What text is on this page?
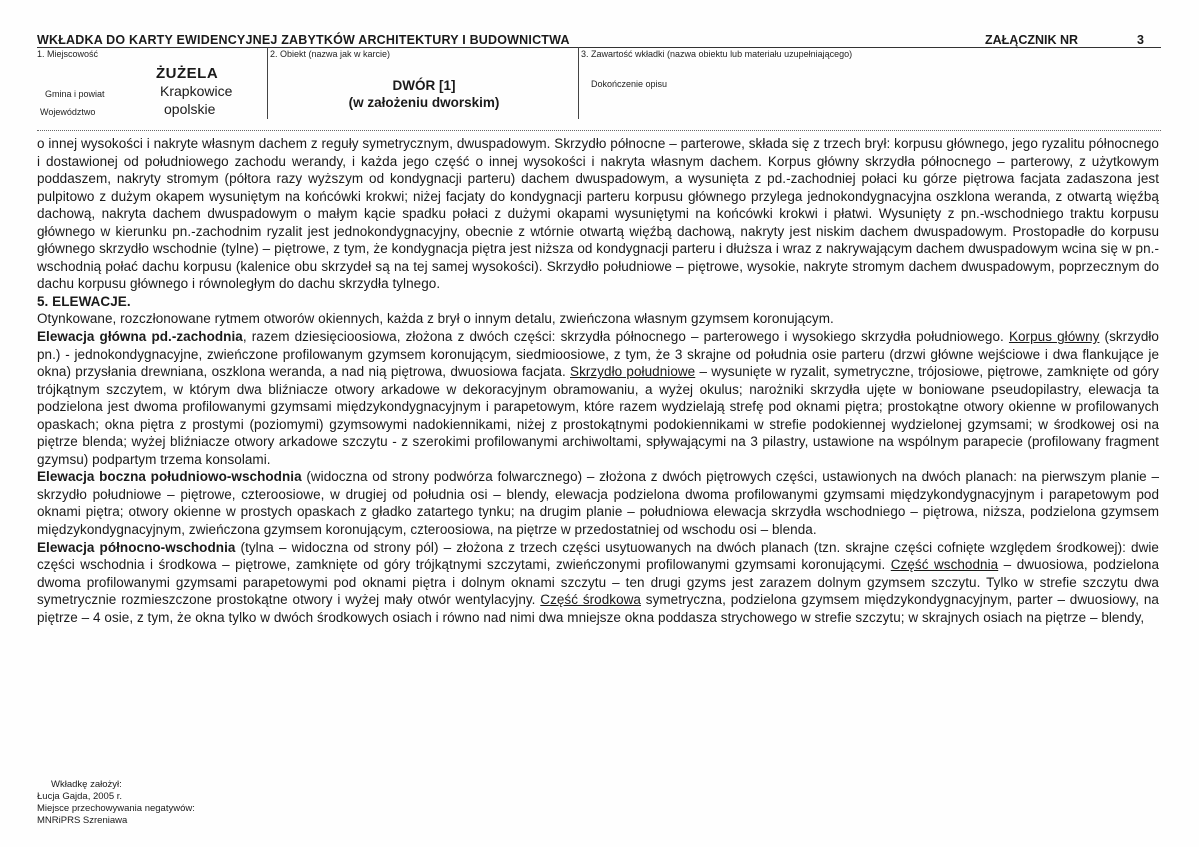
WKŁADKA DO KARTY EWIDENCYJNEJ ZABYTKÓW ARCHITEKTURY I BUDOWNICTWA	ZAŁĄCZNIK NR	3
1. Miejscowość
ŻUŻELA
Gmina i powiat	Krapkowice
Województwo	opolskie
2. Obiekt (nazwa jak w karcie)
DWÓR [1]
(w założeniu dworskim)
3. Zawartość wkładki (nazwa obiektu lub materiału uzupełniającego)
Dokończenie opisu

o innej wysokości i nakryte własnym dachem z reguły symetrycznym, dwuspadowym. Skrzydło północne – parterowe, składa się z trzech brył: korpusu głównego, jego ryzalitu północnego i dostawionej od południowego zachodu werandy, i każda jego część o innej wysokości i nakryta własnym dachem. Korpus główny skrzydła północnego – parterowy, z użytkowym poddaszem, nakryty stromym (półtora razy wyższym od kondygnacji parteru) dachem dwuspadowym, a wysunięta z pd.-zachodniej połaci ku górze piętrowa facjata zadaszona jest pulpitowo z dużym okapem wysuniętym na końcówki krokwi; niżej facjaty do kondygnacji parteru korpusu głównego przylega jednokondygnacyjna oszklona weranda, z otwartą więźbą dachową, nakryta dachem dwuspadowym o małym kącie spadku połaci z dużymi okapami wysuniętymi na końcówki krokwi i płatwi. Wysunięty z pn.-wschodniego traktu korpusu głównego w kierunku pn.-zachodnim ryzalit jest jednokondygnacyjny, obecnie z wtórnie otwartą więźbą dachową, nakryty jest niskim dachem dwuspadowym. Prostopadłe do korpusu głównego skrzydło wschodnie (tylne) – piętrowe, z tym, że kondygnacja piętra jest niższa od kondygnacji parteru i dłuższa i wraz z nakrywającym dachem dwuspadowym wcina się w pn.-wschodnią połać dachu korpusu (kalenice obu skrzydeł są na tej samej wysokości). Skrzydło południowe – piętrowe, wysokie, nakryte stromym dachem dwuspadowym, poprzecznym do dachu korpusu głównego i równoległym do dachu skrzydła tylnego.

5. ELEWACJE.

Otynkowane, rozczłonowane rytmem otworów okiennych, każda z brył o innym detalu, zwieńczona własnym gzymsem koronującym.

Elewacja główna pd.-zachodnia, razem dziesięcioosiowa, złożona z dwóch części: skrzydła północnego – parterowego i wysokiego skrzydła południowego. Korpus główny (skrzydło pn.) - jednokondygnacyjne, zwieńczone profilowanym gzymsem koronującym, siedmioosiowe, z tym, że 3 skrajne od południa osie parteru (drzwi główne wejściowe i dwa flankujące je okna) przysłania drewniana, oszklona weranda, a nad nią piętrowa, dwuosiowa facjata. Skrzydło południowe – wysunięte w ryzalit, symetryczne, trójosiowe, piętrowe, zamknięte od góry trójkątnym szczytem, w którym dwa bliźniacze otwory arkadowe w dekoracyjnym obramowaniu, a wyżej okulus; narożniki skrzydła ujęte w boniowane pseudopilastry, elewacja ta podzielona jest dwoma profilowanymi gzymsami międzykondygnacyjnym i parapetowym, które razem wydzielają strefę pod oknami piętra; prostokątne otwory okienne w profilowanych opaskach; okna piętra z prostymi (poziomymi) gzymsowymi nadokiennikami, niżej z prostokątnymi podokiennikami w strefie podokiennej wydzielonej gzymsami; w środkowej osi na piętrze blenda; wyżej bliźniacze otwory arkadowe szczytu - z szerokimi profilowanymi archiwoltami, spływającymi na 3 pilastry, ustawione na wspólnym parapecie (profilowany fragment gzymsu) podpartym trzema konsolami.

Elewacja boczna południowo-wschodnia (widoczna od strony podwórza folwarcznego) – złożona z dwóch piętrowych części, ustawionych na dwóch planach: na pierwszym planie – skrzydło południowe – piętrowe, czteroosiowe, w drugiej od południa osi – blendy, elewacja podzielona dwoma profilowanymi gzymsami międzykondygnacyjnym i parapetowym pod oknami piętra; otwory okienne w prostych opaskach z gładko zatartego tynku; na drugim planie – południowa elewacja skrzydła wschodniego – piętrowa, niższa, podzielona gzymsem międzykondygnacyjnym, zwieńczona gzymsem koronującym, czteroosiowa, na piętrze w przedostatniej od wschodu osi – blenda.

Elewacja północno-wschodnia (tylna – widoczna od strony pól) – złożona z trzech części usytuowanych na dwóch planach (tzn. skrajne części cofnięte względem środkowej): dwie części wschodnia i środkowa – piętrowe, zamknięte od góry trójkątnymi szczytami, zwieńczonymi profilowanymi gzymsami koronującymi. Część wschodnia – dwuosiowa, podzielona dwoma profilowanymi gzymsami parapetowymi pod oknami piętra i dolnym oknami szczytu – ten drugi gzyms jest zarazem dolnym gzymsem szczytu. Tylko w strefie szczytu dwa symetrycznie rozmieszczone prostokątne otwory i wyżej mały otwór wentylacyjny. Część środkowa symetryczna, podzielona gzymsem międzykondygnacyjnym, parter – dwuosiowy, na piętrze – 4 osie, z tym, że okna tylko w dwóch środkowych osiach i równo nad nimi dwa mniejsze okna poddasza strychowego w strefie szczytu; w skrajnych osiach na piętrze – blendy,

Wkładkę założył:
Łucja Gajda, 2005 r.
Miejsce przechowywania negatywów:
MNRiPRS Szreniawa
